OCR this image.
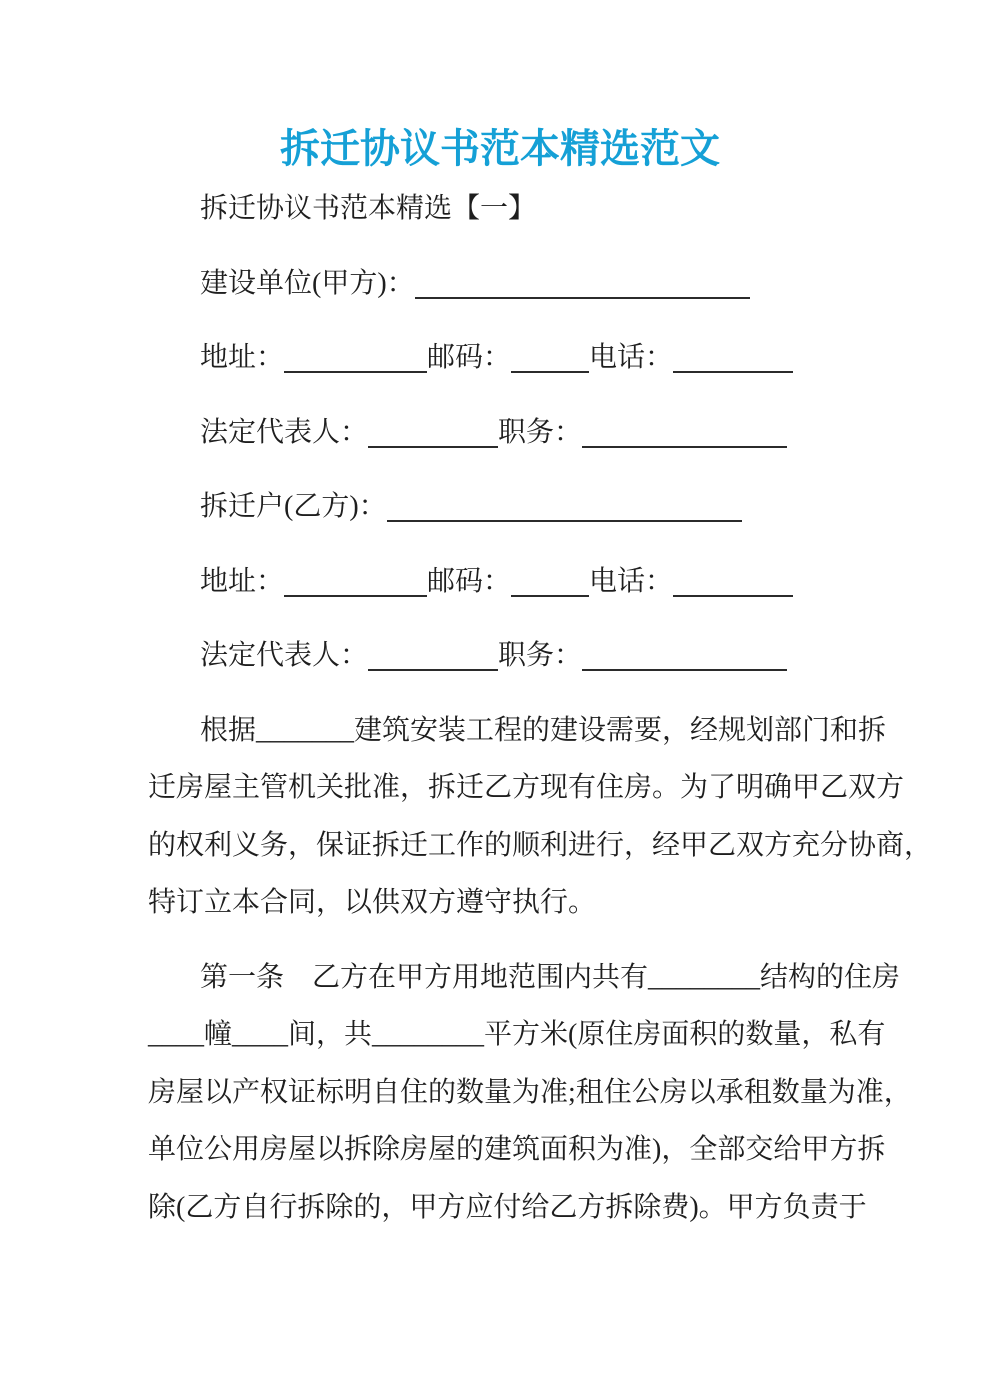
拆迁协议书范本精选范文

拆迁协议书范本精选【一】

建设单位(甲方)：
地址：	邮码：	电话：
法定代表人：	职务：
拆迁户(乙方)：
地址：	邮码：	电话：
法定代表人：	职务：
根据_______建筑安装工程的建设需要，经规划部门和拆
迁房屋主管机关批准，拆迁乙方现有住房。为了明确甲乙双方
的权利义务，保证拆迁工作的顺利进行，经甲乙双方充分协商，
特订立本合同，以供双方遵守执行。
第一条　乙方在甲方用地范围内共有________结构的住房
____幢____间，共________平方米(原住房面积的数量，私有
房屋以产权证标明自住的数量为准;租住公房以承租数量为准，
单位公用房屋以拆除房屋的建筑面积为准)，全部交给甲方拆
除(乙方自行拆除的，甲方应付给乙方拆除费)。甲方负责于
